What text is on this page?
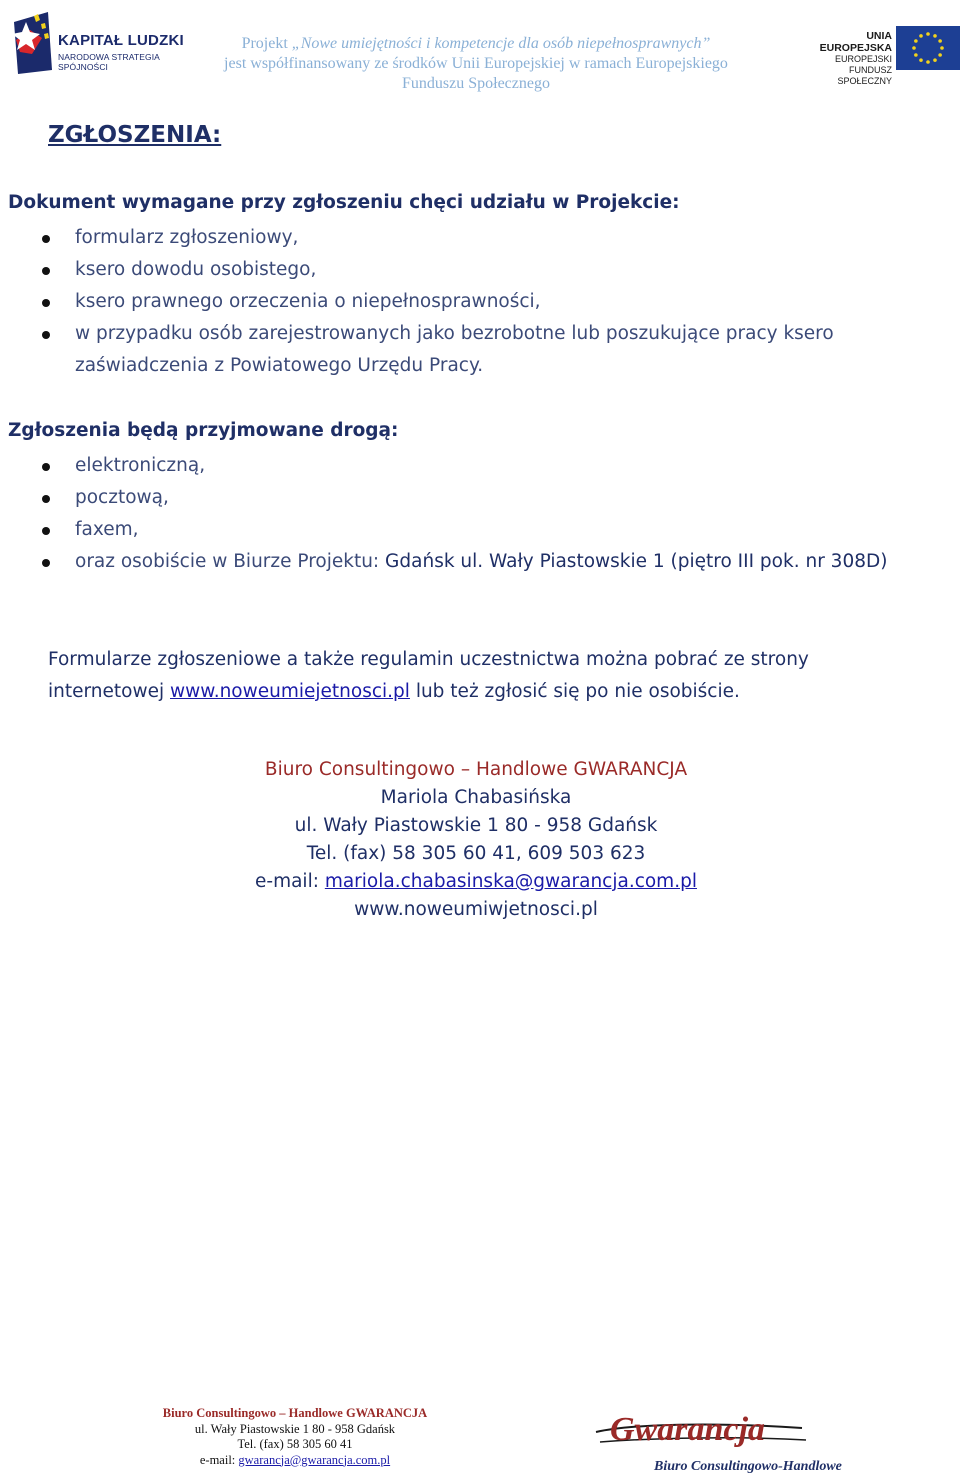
KAPITAŁ LUDZKI
NARODOWA STRATEGIA SPÓJNOŚCI
Projekt „Nowe umiejętności i kompetencje dla osób niepełnosprawnych”
jest współfinansowany ze środków Unii Europejskiej w ramach Europejskiego
Funduszu Społecznego
UNIA EUROPEJSKA
EUROPEJSKI
FUNDUSZ SPOŁECZNY
ZGŁOSZENIA:
Dokument wymagane przy zgłoszeniu chęci udziału w Projekcie:
formularz zgłoszeniowy,
ksero dowodu osobistego,
ksero prawnego orzeczenia o niepełnosprawności,
w przypadku osób zarejestrowanych jako bezrobotne lub poszukujące pracy ksero zaświadczenia z Powiatowego Urzędu Pracy.
Zgłoszenia będą przyjmowane drogą:
elektroniczną,
pocztową,
faxem,
oraz osobiście w Biurze Projektu: Gdańsk ul. Wały Piastowskie 1 (piętro III pok. nr 308D)
Formularze zgłoszeniowe a także regulamin uczestnictwa można pobrać ze strony internetowej www.noweumiejetnosci.pl lub też zgłosić się po nie osobiście.
Biuro Consultingowo – Handlowe GWARANCJA
Mariola Chabasińska
ul. Wały Piastowskie 1 80 - 958 Gdańsk
Tel. (fax) 58 305 60 41, 609 503 623
e-mail: mariola.chabasinska@gwarancja.com.pl
www.noweumiwjetnosci.pl
Biuro Consultingowo – Handlowe GWARANCJA
ul. Wały Piastowskie 1 80 - 958 Gdańsk
Tel. (fax) 58 305 60 41
e-mail: gwarancja@gwarancja.com.pl
Gwarancja
Biuro Consultingowo-Handlowe
